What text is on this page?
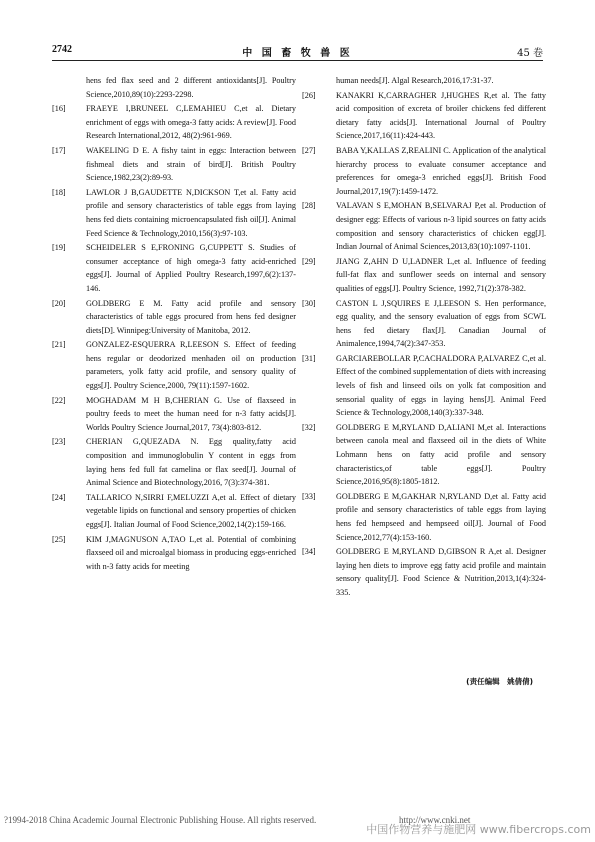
2742	中 国 畜 牧 兽 医	45 卷
hens fed flax seed and 2 different antioxidants[J]. Poultry Science,2010,89(10):2293-2298.
[16] FRAEYE I,BRUNEEL C,LEMAHIEU C,et al. Dietary enrichment of eggs with omega-3 fatty acids: A review[J]. Food Research International,2012, 48(2):961-969.
[17] WAKELING D E. A fishy taint in eggs: Interaction between fishmeal diets and strain of bird[J]. British Poultry Science,1982,23(2):89-93.
[18] LAWLOR J B,GAUDETTE N,DICKSON T,et al. Fatty acid profile and sensory characteristics of table eggs from laying hens fed diets containing microencapsulated fish oil[J]. Animal Feed Science & Technology,2010,156(3):97-103.
[19] SCHEIDELER S E,FRONING G,CUPPETT S. Studies of consumer acceptance of high omega-3 fatty acid-enriched eggs[J]. Journal of Applied Poultry Research,1997,6(2):137-146.
[20] GOLDBERG E M. Fatty acid profile and sensory characteristics of table eggs procured from hens fed designer diets[D]. Winnipeg:University of Manitoba, 2012.
[21] GONZALEZ-ESQUERRA R,LEESON S. Effect of feeding hens regular or deodorized menhaden oil on production parameters, yolk fatty acid profile, and sensory quality of eggs[J]. Poultry Science,2000, 79(11):1597-1602.
[22] MOGHADAM M H B,CHERIAN G. Use of flaxseed in poultry feeds to meet the human need for n-3 fatty acids[J]. Worlds Poultry Science Journal,2017, 73(4):803-812.
[23] CHERIAN G,QUEZADA N. Egg quality,fatty acid composition and immunoglobulin Y content in eggs from laying hens fed full fat camelina or flax seed[J]. Journal of Animal Science and Biotechnology,2016, 7(3):374-381.
[24] TALLARICO N,SIRRI F,MELUZZI A,et al. Effect of dietary vegetable lipids on functional and sensory properties of chicken eggs[J]. Italian Journal of Food Science,2002,14(2):159-166.
[25] KIM J,MAGNUSON A,TAO L,et al. Potential of combining flaxseed oil and microalgal biomass in producing eggs-enriched with n-3 fatty acids for meeting
human needs[J]. Algal Research,2016,17:31-37.
[26] KANAKRI K,CARRAGHER J,HUGHES R,et al. The fatty acid composition of excreta of broiler chickens fed different dietary fatty acids[J]. International Journal of Poultry Science,2017,16(11):424-443.
[27] BABA Y,KALLAS Z,REALINI C. Application of the analytical hierarchy process to evaluate consumer acceptance and preferences for omega-3 enriched eggs[J]. British Food Journal,2017,19(7):1459-1472.
[28] VALAVAN S E,MOHAN B,SELVARAJ P,et al. Production of designer egg: Effects of various n-3 lipid sources on fatty acids composition and sensory characteristics of chicken egg[J]. Indian Journal of Animal Sciences,2013,83(10):1097-1101.
[29] JIANG Z,AHN D U,LADNER L,et al. Influence of feeding full-fat flax and sunflower seeds on internal and sensory qualities of eggs[J]. Poultry Science, 1992,71(2):378-382.
[30] CASTON L J,SQUIRES E J,LEESON S. Hen performance, egg quality, and the sensory evaluation of eggs from SCWL hens fed dietary flax[J]. Canadian Journal of Animalence,1994,74(2):347-353.
[31] GARCIAREBOLLAR P,CACHALDORA P,ALVAREZ C,et al. Effect of the combined supplementation of diets with increasing levels of fish and linseed oils on yolk fat composition and sensorial quality of eggs in laying hens[J]. Animal Feed Science & Technology,2008,140(3):337-348.
[32] GOLDBERG E M,RYLAND D,ALIANI M,et al. Interactions between canola meal and flaxseed oil in the diets of White Lohmann hens on fatty acid profile and sensory characteristics,of table eggs[J]. Poultry Science,2016,95(8):1805-1812.
[33] GOLDBERG E M,GAKHAR N,RYLAND D,et al. Fatty acid profile and sensory characteristics of table eggs from laying hens fed hempseed and hempseed oil[J]. Journal of Food Science,2012,77(4):153-160.
[34] GOLDBERG E M,RYLAND D,GIBSON R A,et al. Designer laying hen diets to improve egg fatty acid profile and maintain sensory quality[J]. Food Science & Nutrition,2013,1(4):324-335.
(责任编辑　姚倩倩)
?1994-2018 China Academic Journal Electronic Publishing House. All rights reserved.	http://www.cnki.net
中国作物营养与施肥网 www.fibercrops.com
